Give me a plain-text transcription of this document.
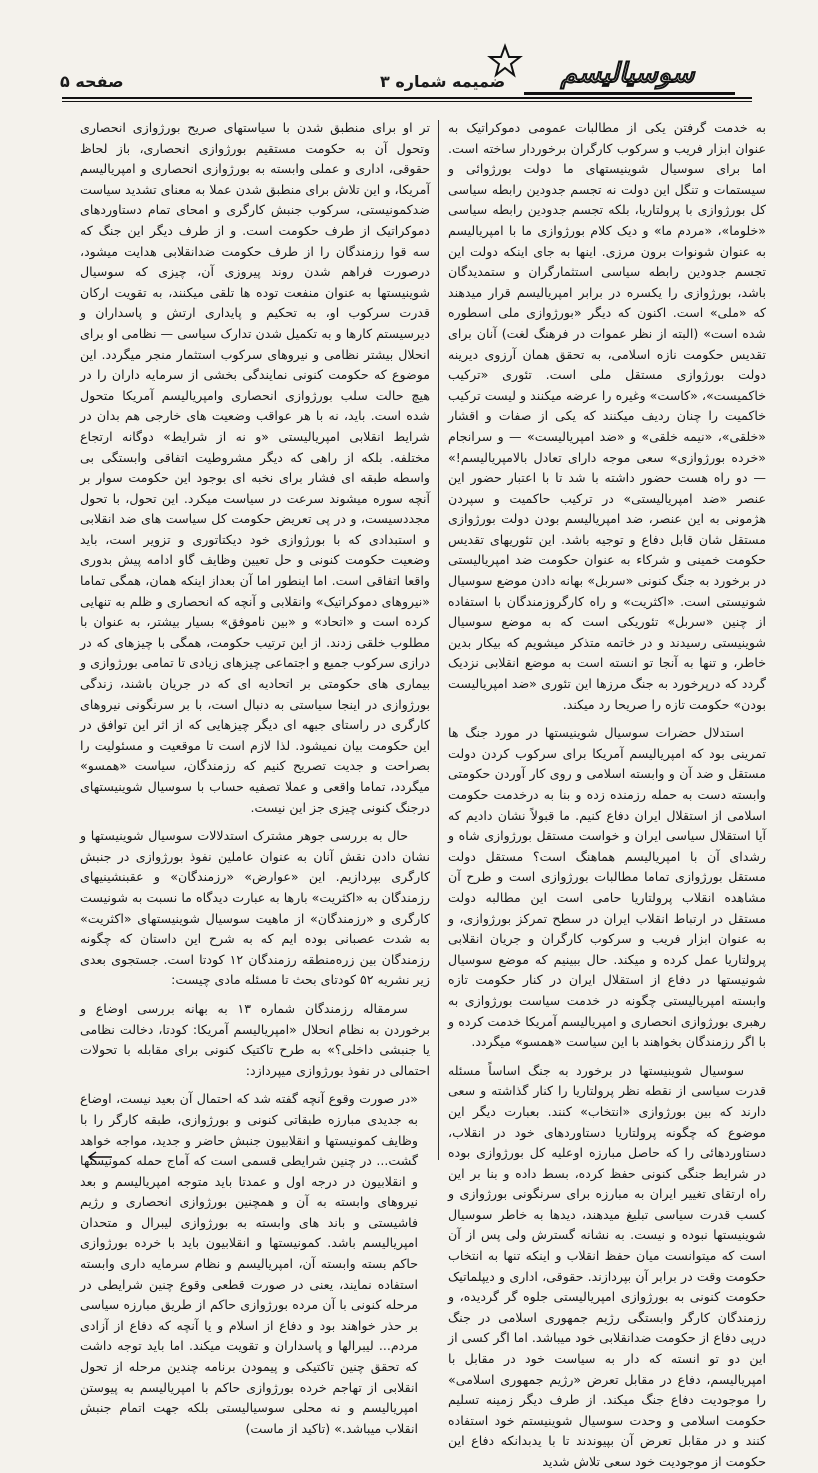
صفحه ۵	ضمیمه شماره ۳	سوسیالیسم

به خدمت گرفتن یکی از مطالبات عمومی دموکراتیک به عنوان ابزار فریب و سرکوب کارگران برخوردار ساخته است. اما برای سوسیال شوینیستهای ما دولت بورژوائی و سیستمات و تنگل این دولت نه تجسم جدودین رابطه سیاسی کل بورژوازی با پرولتاریا، بلکه تجسم جدودین رابطه سیاسی «خلوما»، «مردم ما» و دیک کلام بورژوازی ما با امپریالیسم به عنوان شونوات برون مرزی. اینها به جای اینکه دولت این تجسم جدودین رابطه سیاسی استثمارگران و ستمدیدگان باشد، بورژوازی را یکسره در برابر امپریالیسم قرار میدهند که «ملی» است. اکنون که دیگر «بورژوازی ملی اسطوره شده است» (البته از نظر عموات در فرهنگ لغت) آنان برای تقدیس حکومت نازه اسلامی، به تحقق همان آرزوی دیرینه دولت بورژوازی مستقل ملی است. تئوری «ترکیب خاکمیست»، «کاست» وغیره را عرضه میکنند و لیست ترکیب خاکمیت را چنان ردیف میکنند که یکی از صفات و اقشار «خلقی»، «نیمه خلقی» و «ضد امپریالیست» — و سرانجام «خرده بورژوازی» سعی موجه دارای تعادل بالامپریالیسم!» — دو راه هست حضور داشته با شد تا با اعتبار حضور این عنصر «ضد امپریالیستی» در ترکیب حاکمیت و سپردن هژمونی به این عنصر، ضد امپریالیسم بودن دولت بورژوازی مستقل شان قابل دفاع و توجیه باشد. این تئوریهای تقدیس حکومت خمینی و شرکاء به عنوان حکومت ضد امپریالیستی در برخورد به جنگ کنونی «سربل» بهانه دادن موضع سوسیال شونیستی است. «اکثریت» و راه کارگروزمندگان با استفاده از چنین «سربل» تئوریکی است که به موضع سوسیال شوینیستی رسیدند و در خاتمه متذکر میشویم که بیکار بدین خاطر، و تنها به آنجا تو انسته است به موضع انقلابی نزدیک گردد که درپرخورد به جنگ مرزها این تئوری «ضد امپریالیست بودن» حکومت تازه را صریحا رد میکند.

استدلال حضرات سوسیال شوینیستها در مورد جنگ ها تمرینی بود که امپریالیسم آمریکا برای سرکوب کردن دولت مستقل و ضد آن و وابسته اسلامی و روی کار آوردن حکومتی وابسته دست به حمله رزمنده زده و بنا به درخدمت حکومت اسلامی از استقلال ایران دفاع کنیم. ما قبولاً نشان دادیم که آیا استقلال سیاسی ایران و خواست مستقل بورژوازی شاه و رشدای آن با امپریالیسم هماهنگ است؟ مستقل دولت مستقل بورژوازی تماما مطالبات بورژوازی است و طرح آن مشاهده انقلاب پرولتاریا حامی است این مطالبه دولت مستقل در ارتباط انقلاب ایران در سطح تمرکز بورژوازی، و به عنوان ابزار فریب و سرکوب کارگران و جریان انقلابی پرولتاریا عمل کرده و میکند. حال ببینیم که موضع سوسیال شونیستها در دفاع از استقلال ایران در کنار حکومت تازه وابسته امپریالیستی چگونه در خدمت سیاست بورژوازی به رهبری بورژوازی انحصاری و امپریالیسم آمریکا خدمت کرده و با اگر رزمندگان بخواهند با این سیاست «همسو» میگردد.

سوسیال شوینیستها در برخورد به جنگ اساساً مسئله قدرت سیاسی از نقطه نظر پرولتاریا را کنار گذاشته و سعی دارند که بین بورژوازی «انتخاب» کنند. بعبارت دیگر این موضوع که چگونه پرولتاریا دستاوردهای خود در انقلاب، دستاوردهائی را که حاصل مبارزه اوعلیه کل بورژوازی بوده در شرایط جنگی کنونی حفظ کرده، بسط داده و بنا بر این راه ارتقای تغییر ایران به مبارزه برای سرنگونی بورژوازی و کسب قدرت سیاسی تبلیغ میدهند، دیدها به خاطر سوسیال شوینیستها نبوده و نیست. به نشانه گسترش ولی پس از آن است که میتوانست میان حفظ انقلاب و اینکه تنها به انتخاب حکومت وقت در برابر آن بپردازند. حقوقی، اداری و دیپلماتیک حکومت کنونی به بورژوازی امپریالیستی جلوه گر گردیده، و رزمندگان کارگر وابستگی رژیم جمهوری اسلامی در جنگ درپی دفاع از حکومت ضدانقلابی خود میباشد. اما اگر کسی از این دو تو انسته که دار به سیاست خود در مقابل با امپریالیسم، دفاع در مقابل تعرض «رژیم جمهوری اسلامی» را موجودیت دفاع جنگ میکند. از طرف دیگر زمینه تسلیم حکومت اسلامی و وحدت سوسیال شوینیستم خود استفاده کنند و در مقابل تعرض آن بپیوندند تا با یدبدانکه دفاع این حکومت از موجودیت خود سعی تلاش شدید

تر او برای منطبق شدن با سیاستهای صریح بورژوازی انحصاری وتحول آن به حکومت مستقیم بورژوازی انحصاری، باز لحاظ حقوقی، اداری و عملی وابسته به بورژوازی انحصاری و امپریالیسم آمریکا، و این تلاش برای منطبق شدن عملا به معنای تشدید سیاست ضدکمونیستی، سرکوب جنبش کارگری و امحای تمام دستاوردهای دموکراتیک از طرف حکومت است. و از طرف دیگر این جنگ که سه قوا رزمندگان را از طرف حکومت ضدانقلابی هدایت میشود، درصورت فراهم شدن روند پیروزی آن، چیزی که سوسیال شوینیستها به عنوان منفعت توده ها تلقی میکنند، به تقویت ارکان قدرت سرکوب او، به تحکیم و پایداری ارتش و پاسداران و دیرسیستم کارها و به تکمیل شدن تدارک سیاسی — نظامی او برای انحلال بیشتر نظامی و نیروهای سرکوب استثمار منجر میگردد. این موضوع که حکومت کنونی نمایندگی بخشی از سرمایه داران را در هیچ حالت سلب بورژوازی انحصاری وامپریالیسم آمریکا متحول شده است. باید، نه با هر عواقب وضعیت های خارجی هم بدان در شرایط انقلابی امپریالیستی «و نه از شرایط» دوگانه ارتجاع مختلفه. بلکه از راهی که دیگر مشروطیت اتفاقی وابستگی بی واسطه طبقه ای فشار برای نخبه ای بوجود این حکومت سوار بر آنچه سوره میشوند سرعت در سیاست میکرد. این تحول، با تحول مجددسیست، و در پی تعریض حکومت کل سیاست های ضد انقلابی و استبدادی که با بورژوازی خود دیکتاتوری و تزویر است، باید وضعیت حکومت کنونی و حل تعیین وظایف گاو ادامه پیش بدوری واقعا اتفاقی است. اما اینطور اما آن بعداز اینکه همان، همگی تماما «نیروهای دموکراتیک» وانقلابی و آنچه که انحصاری و ظلم به تنهایی کرده است و «اتحاد» و «بین ناموفق» بسیار بیشتر، به عنوان با مطلوب خلقی زدند. از این ترتیب حکومت، همگی با چیزهای که در درازی سرکوب جمیع و اجتماعی چیزهای زیادی تا تمامی بورژوازی و بیماری های حکومتی بر اتحادیه ای که در جریان باشند، زندگی بورژوازی در اینجا سیاستی به دنبال است، با بر سرنگونی نیروهای کارگری در راستای جبهه ای دیگر چیزهایی که از اثر این توافق در این حکومت بیان نمیشود. لذا لازم است تا موقعیت و مسئولیت را بصراحت و جدیت تصریح کنیم که رزمندگان، سیاست «همسو» میگردد، تماما واقعی و عملا تصفیه حساب با سوسیال شوینیستهای درجنگ کنونی چیزی جز این نیست.

حال به بررسی جوهر مشترک استدلالات سوسیال شوینیستها و نشان دادن نقش آنان به عنوان عاملین نفوذ بورژوازی در جنبش کارگری بپردازیم. این «عوارض» «رزمندگان» و عقبنشینیهای رزمندگان به «اکثریت» بارها به عبارت دیدگاه ما نسبت به شونیست کارگری و «رزمندگان» از ماهیت سوسیال شوینیستهای «اکثریت» به شدت عصبانی بوده ایم که به شرح این داستان که چگونه رزمندگان بین زره‌منطقه رزمندگان ۱۲ کودتا است. جستجوی بعدی زیر نشریه ۵۲ کودتای بحث تا مسئله مادی چیست:

سرمقاله رزمندگان شماره ۱۳ به بهانه بررسی اوضاع و برخوردن به نظام انحلال «امپریالیسم آمریکا: کودتا، دخالت نظامی یا جنبشی داخلی؟» به طرح تاکتیک کنونی برای مقابله با تحولات احتمالی در نفوذ بورژوازی میپردازد:

«در صورت وقوع آنچه گفته شد که احتمال آن بعید نیست، اوضاع به جدیدی مبارزه طبقاتی کنونی و بورژوازی، طبقه کارگر را با وظایف کمونیستها و انقلابیون جنبش حاضر و جدید، مواجه خواهد گشت... در چنین شرایطی قسمی است که آماج حمله کمونیستها و انقلابیون در درجه اول و عمدتا باید متوجه امپریالیسم و بعد نیروهای وابسته به آن و همچنین بورژوازی انحصاری و رژیم فاشیستی و باند های وابسته به بورژوازی لیبرال و متحدان امپریالیسم باشد. کمونیستها و انقلابیون باید با خرده بورژوازی حاکم بسته وابسته آن، امپریالیسم و نظام سرمایه داری وابسته استفاده نمایند، یعنی در صورت قطعی وقوع چنین شرایطی در مرحله کنونی با آن مرده بورژوازی حاکم از طریق مبارزه سیاسی بر حذر خواهند بود و دفاع از اسلام و یا آنچه که دفاع از آزادی مردم... لیبرالها و پاسداران و تقویت میکند. اما باید توجه داشت که تحقق چنین تاکتیکی و پیمودن برنامه چندین مرحله از تحول انقلابی از تهاجم خرده بورژوازی حاکم با امپریالیسم به پیوستن امپریالیسم و نه محلی سوسیالیستی بلکه جهت اتمام جنبش انقلاب میباشد.» (تاکید از ماست)
